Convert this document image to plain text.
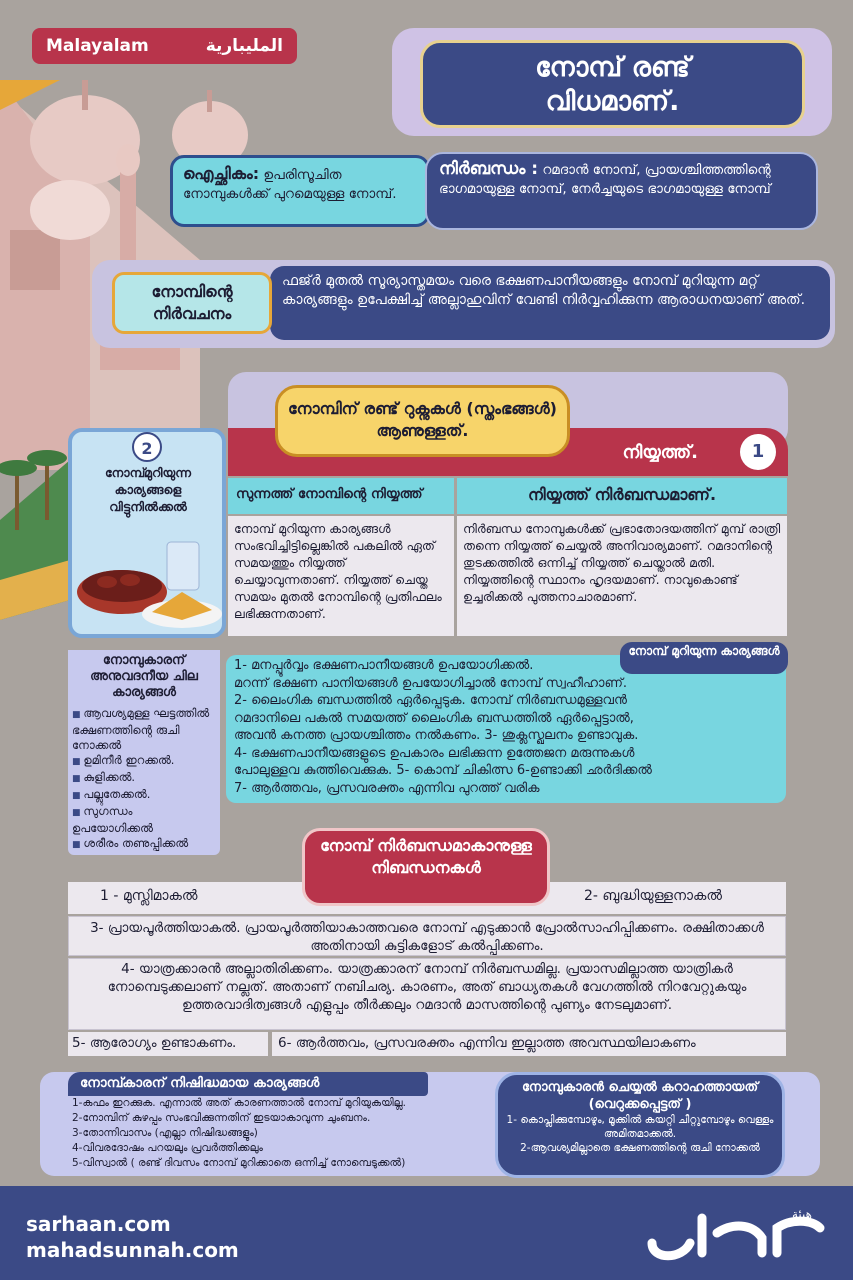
Malayalam	المليبارية
നോമ്പ് രണ്ട്
വിധമാണ്.
ഐച്ഛികം: ഉപരിസൂചിത നോമ്പുകൾക്ക് പുറമെയുള്ള നോമ്പ്.
നിർബന്ധം : റമദാൻ നോമ്പ്, പ്രായശ്ചിത്തത്തിന്റെ ഭാഗമായുള്ള നോമ്പ്, നേർച്ചയുടെ ഭാഗമായുള്ള നോമ്പ്
ഫജ്ർ മുതൽ സൂര്യാസ്തമയം വരെ ഭക്ഷണപാനീയങ്ങളും നോമ്പ് മുറിയുന്ന മറ്റ് കാര്യങ്ങളും ഉപേക്ഷിച്ച് അല്ലാഹുവിന് വേണ്ടി നിർവ്വഹിക്കുന്ന ആരാധനയാണ് അത്.
നോമ്പിന്റെ നിർവചനം
നിയ്യത്ത്.	1
നോമ്പിന് രണ്ട് റുക്നുകൾ (സ്തംഭങ്ങൾ) ആണുള്ളത്.
സുന്നത്ത് നോമ്പിന്റെ നിയ്യത്ത്	നിയ്യത്ത് നിർബന്ധമാണ്.
നോമ്പ് മുറിയുന്ന കാര്യങ്ങൾ സംഭവിച്ചിട്ടില്ലെങ്കിൽ പകലിൽ ഏത് സമയത്തും നിയ്യത്ത് ചെയ്യാവുന്നതാണ്. നിയ്യത്ത് ചെയ്ത സമയം മുതൽ നോമ്പിന്റെ പ്രതിഫലം ലഭിക്കുന്നതാണ്.
നിർബന്ധ നോമ്പുകൾക്ക് പ്രഭാതോദയത്തിന് മുമ്പ് രാത്രി തന്നെ നിയ്യത്ത് ചെയ്യൽ അനിവാര്യമാണ്. റമദാനിന്റെ തുടക്കത്തിൽ ഒന്നിച്ച് നിയ്യത്ത് ചെയ്താൽ മതി. നിയ്യത്തിന്റെ സ്ഥാനം ഹൃദയമാണ്. നാവുകൊണ്ട് ഉച്ചരിക്കൽ പുത്തനാചാരമാണ്.
2
നോമ്പ്മുറിയുന്ന കാര്യങ്ങളെ വിട്ടുനിൽക്കൽ
നോമ്പുകാരന് അനുവദനീയ ചില കാര്യങ്ങൾ
■ ആവശ്യമുള്ള ഘട്ടത്തിൽ ഭക്ഷണത്തിന്റെ രുചി നോക്കൽ
■ ഉമിനീർ ഇറക്കൽ.
■ കുളിക്കൽ.
■ പല്ലുതേക്കൽ.
■ സുഗന്ധം ഉപയോഗിക്കൽ
■ ശരീരം തണുപ്പിക്കൽ
1- മനപ്പൂർവ്വം ഭക്ഷണപാനീയങ്ങൾ ഉപയോഗിക്കൽ.
മറന്ന് ഭക്ഷണ പാനിയങ്ങൾ ഉപയോഗിച്ചാൽ നോമ്പ് സ്വഹീഹാണ്.
2- ലൈംഗിക ബന്ധത്തിൽ ഏർപ്പെടുക. നോമ്പ് നിർബന്ധമുള്ളവൻ
റമദാനിലെ പകൽ സമയത്ത് ലൈംഗിക ബന്ധത്തിൽ ഏർപ്പെട്ടാൽ,
അവൻ കനത്ത പ്രായശ്ചിത്തം നൽകണം. 3- ശുക്ലസ്ഖലനം ഉണ്ടാവുക.
4- ഭക്ഷണപാനീയങ്ങളുടെ ഉപകാരം ലഭിക്കുന്ന ഉത്തേജന മരുന്നുകൾ
പോലുള്ളവ കുത്തിവെക്കുക. 5- കൊമ്പ് ചികിത്സ 6-ഉണ്ടാക്കി ഛർദിക്കൽ
7- ആർത്തവം, പ്രസവരക്തം എന്നിവ പുറത്ത് വരിക
നോമ്പ് മുറിയുന്ന കാര്യങ്ങൾ
1 - മുസ്ലിമാകൽ	2- ബുദ്ധിയുള്ളനാകൽ
നോമ്പ് നിർബന്ധമാകാനുള്ള നിബന്ധനകൾ
3- പ്രായപൂർത്തിയാകൽ. പ്രായപൂർത്തിയാകാത്തവരെ നോമ്പ് എടുക്കാൻ പ്രോൽസാഹിപ്പിക്കണം. രക്ഷിതാക്കൾ അതിനായി കുട്ടികളോട് കൽപ്പിക്കണം.
4- യാത്രക്കാരൻ അല്ലാതിരിക്കണം. യാത്രക്കാരന് നോമ്പ് നിർബന്ധമില്ല. പ്രയാസമില്ലാത്ത യാത്രികർ നോമ്പെടുക്കലാണ് നല്ലത്. അതാണ് നബിചര്യ. കാരണം, അത് ബാധ്യതകൾ വേഗത്തിൽ നിറവേറ്റുകയും ഉത്തരവാദിത്വങ്ങൾ എളുപ്പം തീർക്കലും റമദാൻ മാസത്തിന്റെ പുണ്യം നേടലുമാണ്.
5- ആരോഗ്യം ഉണ്ടാകണം.	6- ആർത്തവം, പ്രസവരക്തം എന്നിവ ഇല്ലാത്ത അവസ്ഥയിലാകണം
നോമ്പ്കാരന് നിഷിദ്ധമായ കാര്യങ്ങൾ
1-കഫം ഇറക്കുക. എന്നാൽ അത് കാരണത്താൽ നോമ്പ് മുറിയുകയില്ല.
2-നോമ്പിന് കുഴപ്പം സംഭവിക്കുന്നതിന് ഇടയാകാവുന്ന ചുംബനം.
3-തോന്നിവാസം (എല്ലാ നിഷിദ്ധങ്ങളും)
4-വിവരദോഷം പറയലും പ്രവർത്തിക്കലും
5-വിസ്വാൽ ( രണ്ട് ദിവസം നോമ്പ് മുറിക്കാതെ ഒന്നിച്ച് നോമ്പെടുക്കൽ)
നോമ്പുകാരൻ ചെയ്യൽ കറാഹത്തായത് (വെറുക്കപ്പെട്ടത് )
1- കൊപ്ലിക്കുമ്പോഴും, മൂക്കിൽ കയറ്റി ചീറ്റുമ്പോഴും വെള്ളം അമിതമാക്കൽ.
2-ആവശ്യമില്ലാതെ ഭക്ഷണത്തിന്റെ രുചി നോക്കൽ
sarhaan.com
mahadsunnah.com
هيئة
